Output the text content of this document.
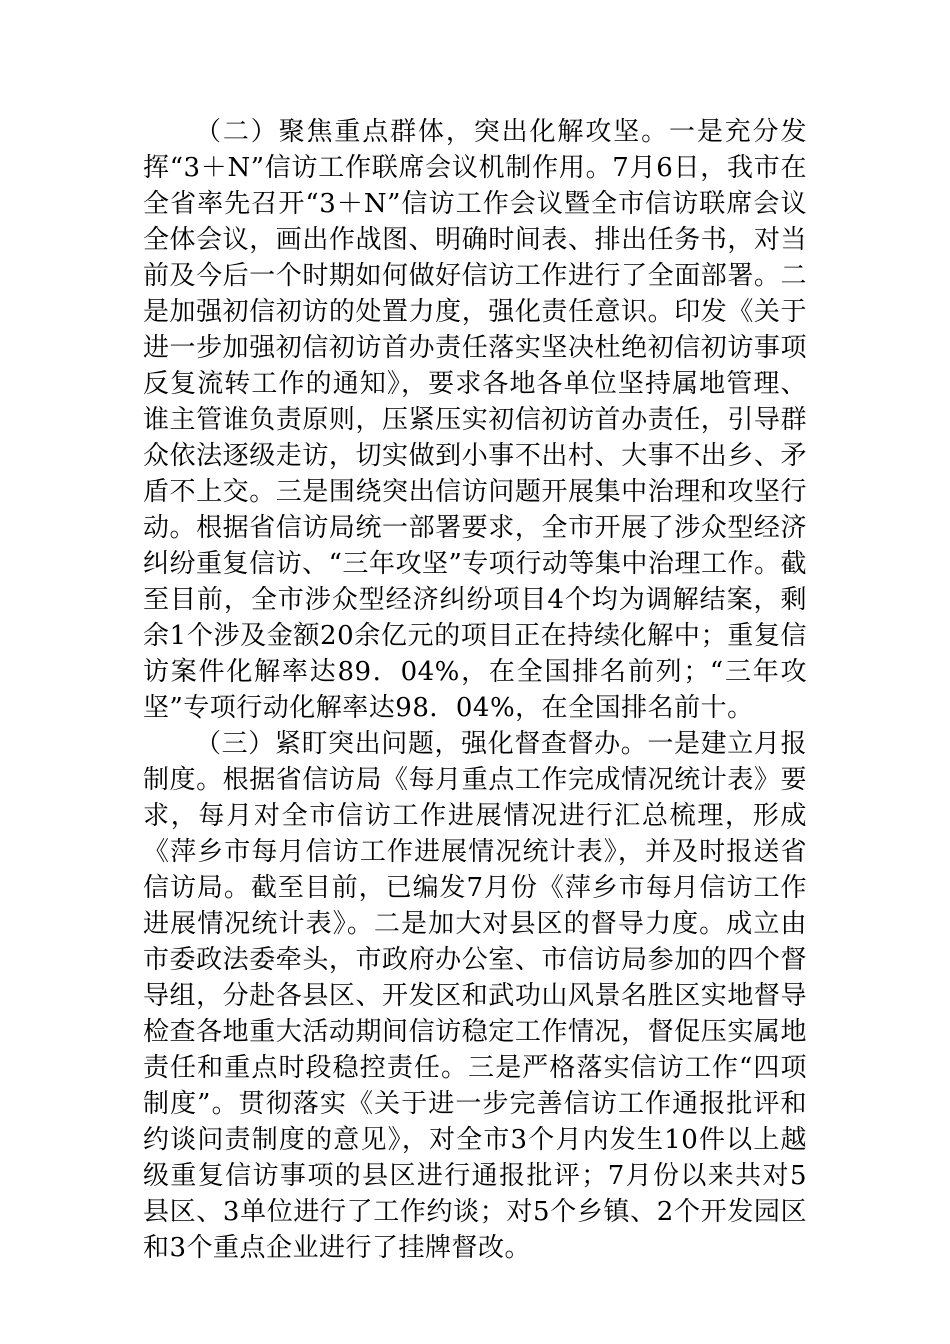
（二）聚焦重点群体，突出化解攻坚。一是充分发挥“3＋N”信访工作联席会议机制作用。7月6日，我市在全省率先召开“3＋N”信访工作会议暨全市信访联席会议全体会议，画出作战图、明确时间表、排出任务书，对当前及今后一个时期如何做好信访工作进行了全面部署。二是加强初信初访的处置力度，强化责任意识。印发《关于进一步加强初信初访首办责任落实坚决杜绝初信初访事项反复流转工作的通知》，要求各地各单位坚持属地管理、谁主管谁负责原则，压紧压实初信初访首办责任，引导群众依法逐级走访，切实做到小事不出村、大事不出乡、矛盾不上交。三是围绕突出信访问题开展集中治理和攻坚行动。根据省信访局统一部署要求，全市开展了涉众型经济纠纷重复信访、“三年攻坚”专项行动等集中治理工作。截至目前，全市涉众型经济纠纷项目4个均为调解结案，剩余1个涉及金额20余亿元的项目正在持续化解中；重复信访案件化解率达89．04%，在全国排名前列；“三年攻坚”专项行动化解率达98．04%，在全国排名前十。

（三）紧盯突出问题，强化督查督办。一是建立月报制度。根据省信访局《每月重点工作完成情况统计表》要求，每月对全市信访工作进展情况进行汇总梳理，形成《萍乡市每月信访工作进展情况统计表》，并及时报送省信访局。截至目前，已编发7月份《萍乡市每月信访工作进展情况统计表》。二是加大对县区的督导力度。成立由市委政法委牵头，市政府办公室、市信访局参加的四个督导组，分赴各县区、开发区和武功山风景名胜区实地督导检查各地重大活动期间信访稳定工作情况，督促压实属地责任和重点时段稳控责任。三是严格落实信访工作“四项制度”。贯彻落实《关于进一步完善信访工作通报批评和约谈问责制度的意见》，对全市3个月内发生10件以上越级重复信访事项的县区进行通报批评；7月份以来共对5县区、3单位进行了工作约谈；对5个乡镇、2个开发园区和3个重点企业进行了挂牌督改。
